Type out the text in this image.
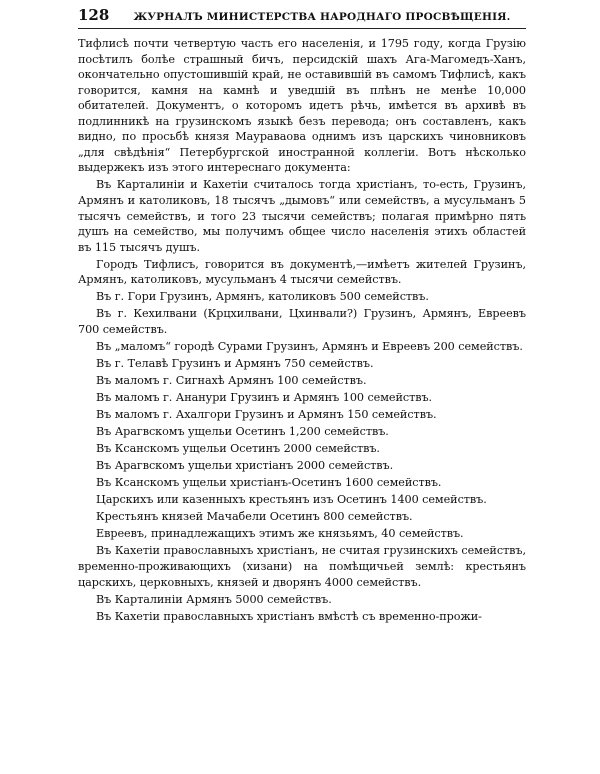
128	ЖУРНАЛЪ МИНИСТЕРСТВА НАРОДНАГО ПРОСВѢЩЕНІЯ.

Тифлисѣ почти четвертую часть его населенія, и 1795 году, когда Грузію посѣтилъ болѣе страшный бичъ, персидскій шахъ Ага-Магомедъ-Ханъ, окончательно опустошившій край, не оставившій въ самомъ Тифлисѣ, какъ говорится, камня на камнѣ и уведшій въ плѣнъ не менѣе 10,000 обитателей. Документъ, о которомъ идетъ рѣчь, имѣется въ архивѣ въ подлинникѣ на грузинскомъ языкѣ безъ перевода; онъ составленъ, какъ видно, по просьбѣ князя Маураваова однимъ изъ царскихъ чиновниковъ „для свѣдѣнія“ Петербургской иностранной коллегіи. Вотъ нѣсколько выдержекъ изъ этого интереснаго документа:

Въ Карталиніи и Кахетіи считалось тогда христіанъ, то-есть, Грузинъ, Армянъ и католиковъ, 18 тысячъ „дымовъ“ или семействъ, а мусульманъ 5 тысячъ семействъ, и того 23 тысячи семействъ; полагая примѣрно пять душъ на семейство, мы получимъ общее число населенія этихъ областей въ 115 тысячъ душъ.

Городъ Тифлисъ, говорится въ документѣ,—имѣетъ жителей Грузинъ, Армянъ, католиковъ, мусульманъ 4 тысячи семействъ.

Въ г. Гори Грузинъ, Армянъ, католиковъ 500 семействъ.

Въ г. Кехилвани (Крцхилвани, Цхинвали?) Грузинъ, Армянъ, Евреевъ 700 семействъ.

Въ „маломъ“ городѣ Сурами Грузинъ, Армянъ и Евреевъ 200 семействъ.

Въ г. Телавѣ Грузинъ и Армянъ 750 семействъ.

Въ маломъ г. Сигнахѣ Армянъ 100 семействъ.

Въ маломъ г. Ананури Грузинъ и Армянъ 100 семействъ.

Въ маломъ г. Ахалгори Грузинъ и Армянъ 150 семействъ.

Въ Арагвскомъ ущельи Осетинъ 1,200 семействъ.

Въ Ксанскомъ ущельи Осетинъ 2000 семействъ.

Въ Арагвскомъ ущельи христіанъ 2000 семействъ.

Въ Ксанскомъ ущельи христіанъ-Осетинъ 1600 семействъ.

Царскихъ или казенныхъ крестьянъ изъ Осетинъ 1400 семействъ.

Крестьянъ князей Мачабели Осетинъ 800 семействъ.

Евреевъ, принадлежащихъ этимъ же князьямъ, 40 семействъ.

Въ Кахетіи православныхъ христіанъ, не считая грузинскихъ семействъ, временно-проживающихъ (хизани) на помѣщичьей землѣ: крестьянъ царскихъ, церковныхъ, князей и дворянъ 4000 семействъ.

Въ Карталиніи Армянъ 5000 семействъ.

Въ Кахетіи православныхъ христіанъ вмѣстѣ съ временно-прожи-
